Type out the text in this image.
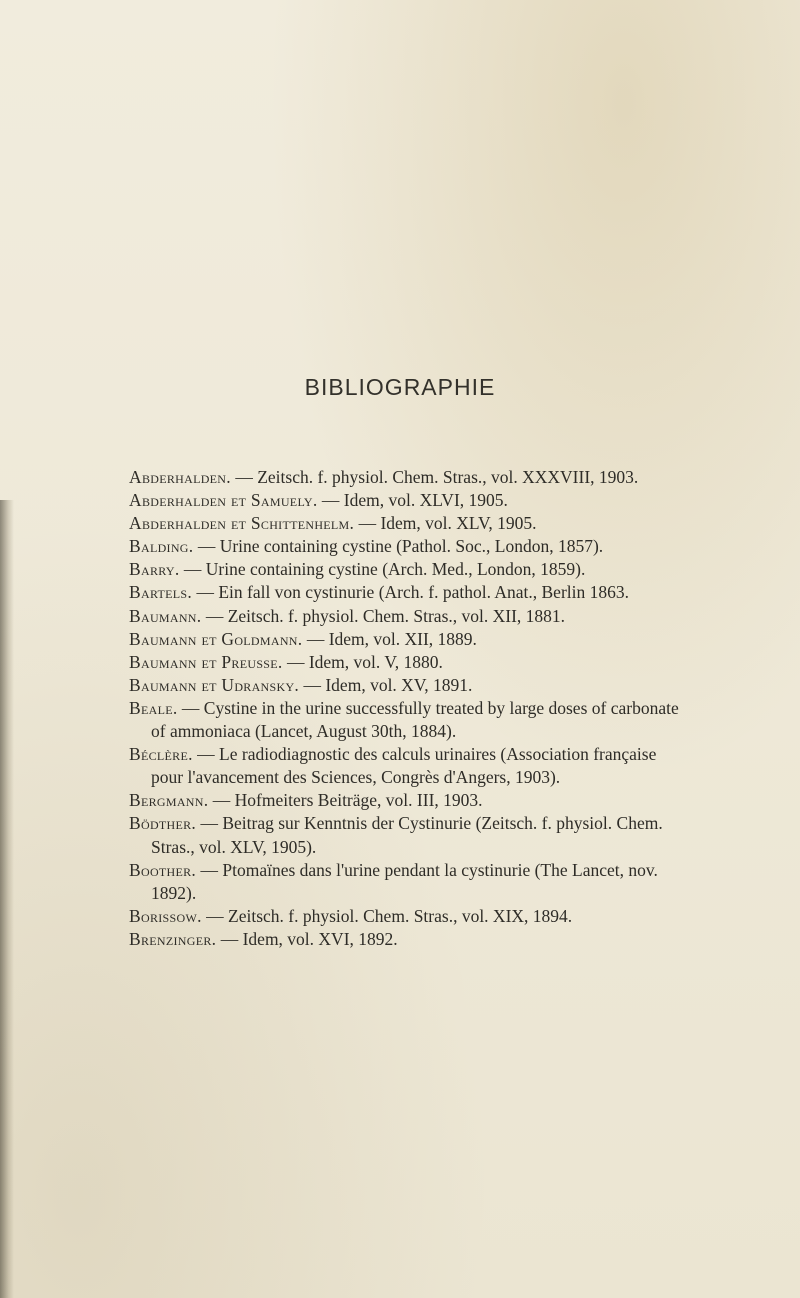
BIBLIOGRAPHIE
Abderhalden. — Zeitsch. f. physiol. Chem. Stras., vol. XXXVIII, 1903.
Abderhalden et Samuely. — Idem, vol. XLVI, 1905.
Abderhalden et Schittenhelm. — Idem, vol. XLV, 1905.
Balding. — Urine containing cystine (Pathol. Soc., London, 1857).
Barry. — Urine containing cystine (Arch. Med., London, 1859).
Bartels. — Ein fall von cystinurie (Arch. f. pathol. Anat., Berlin 1863.
Baumann. — Zeitsch. f. physiol. Chem. Stras., vol. XII, 1881.
Baumann et Goldmann. — Idem, vol. XII, 1889.
Baumann et Preusse. — Idem, vol. V, 1880.
Baumann et Udransky. — Idem, vol. XV, 1891.
Beale. — Cystine in the urine successfully treated by large doses of carbonate of ammoniaca (Lancet, August 30th, 1884).
Béclère. — Le radiodiagnostic des calculs urinaires (Association française pour l'avancement des Sciences, Congrès d'Angers, 1903).
Bergmann. — Hofmeiters Beiträge, vol. III, 1903.
Bödther. — Beitrag sur Kenntnis der Cystinurie (Zeitsch. f. physiol. Chem. Stras., vol. XLV, 1905).
Boother. — Ptomaïnes dans l'urine pendant la cystinurie (The Lancet, nov. 1892).
Borissow. — Zeitsch. f. physiol. Chem. Stras., vol. XIX, 1894.
Brenzinger. — Idem, vol. XVI, 1892.
